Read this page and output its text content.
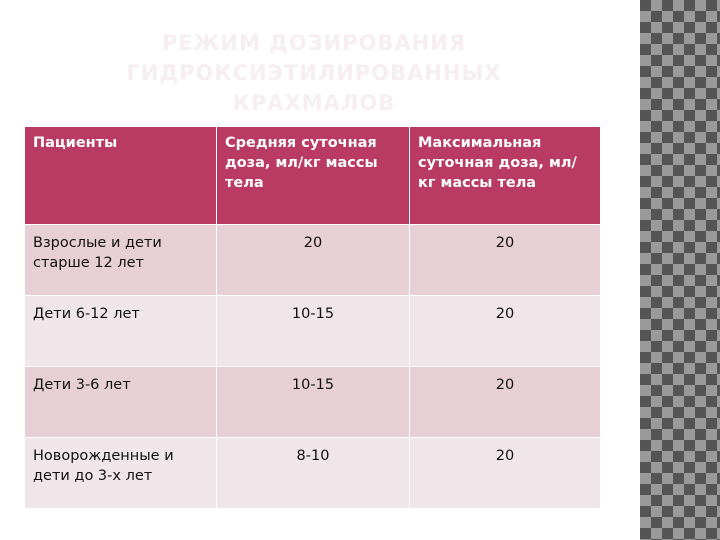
РЕЖИМ ДОЗИРОВАНИЯ ГИДРОКСИЭТИЛИРОВАННЫХ КРАХМАЛОВ
Пациенты	Средняя суточная доза, мл/кг массы тела	Максимальная суточная доза, мл/кг массы тела
Взрослые и дети старше 12 лет	20	20
Дети 6-12 лет	10-15	20
Дети 3-6 лет	10-15	20
Новорожденные и дети до 3-х лет	8-10	20
